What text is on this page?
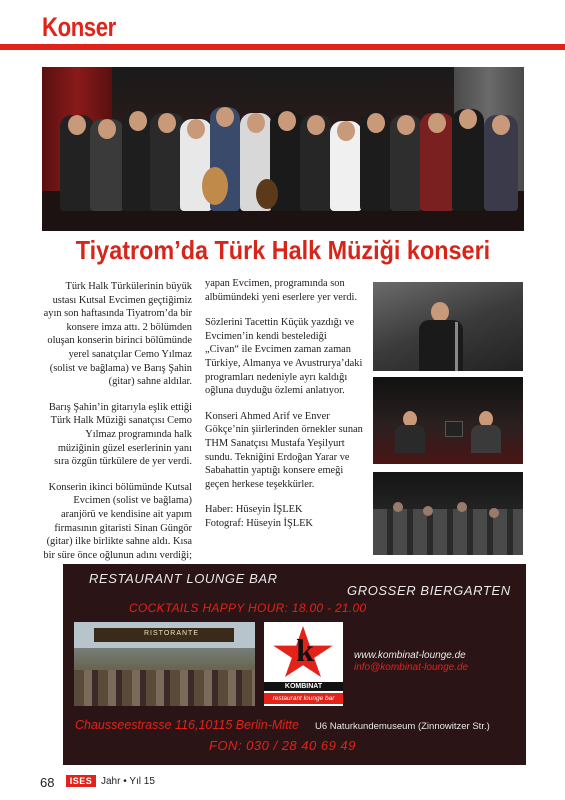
Konser
Tiyatrom’da Türk Halk Müziği konseri

Türk Halk Türkülerinin büyük ustası Kutsal Evcimen geçtiğimiz ayın son haftasında Tiyatrom’da bir konsere imza attı. 2 bölümden oluşan konserin birinci bölümünde yerel sanatçılar Cemo Yılmaz (solist ve bağlama) ve Barış Şahin (gitar) sahne aldılar.

Barış Şahin’in gitarıyla eşlik ettiği Türk Halk Müziği sanatçısı Cemo Yılmaz programında halk müziğinin güzel eserlerinin yanı sıra özgün türkülere de yer verdi.

Konserin ikinci bölümünde Kutsal Evcimen (solist ve bağlama) aranjörü ve kendisine ait yapım firmasının gitaristi Sinan Güngör (gitar) ilke birlikte sahne aldı. Kısa bir süre önce oğlunun adını verdiği;

yapan Evcimen, programında son albümündeki yeni eserlere yer verdi.

Sözlerini Tacettin Küçük yazdığı ve Evcimen’in kendi bestelediği „Civan“ ile Evcimen zaman zaman Türkiye, Almanya ve Avustrurya’daki programları nedeniyle ayrı kaldığı oğluna duyduğu özlemi anlatıyor.

Konseri Ahmed Arif ve Enver Gökçe’nin şiirlerinden örnekler sunan THM Sanatçısı Mustafa Yeşilyurt sundu. Tekniğini Erdoğan Yarar ve Sabahattin yaptığı konsere emeği geçen herkese teşekkürler.

Haber: Hüseyin İŞLEK
Fotograf: Hüseyin İŞLEK
RESTAURANT LOUNGE BAR
GROSSER BIERGARTEN
COCKTAILS HAPPY HOUR: 18.00 - 21.00
RISTORANTE	k
KOMBINAT
restaurant lounge bar
www.kombinat-lounge.de
info@kombinat-lounge.de
Chausseestrasse 116,10115 Berlin-Mitte U6 Naturkundemuseum (Zinnowitzer Str.)
FON: 030 / 28 40 69 49
68	ISES Jahr • Yıl 15
